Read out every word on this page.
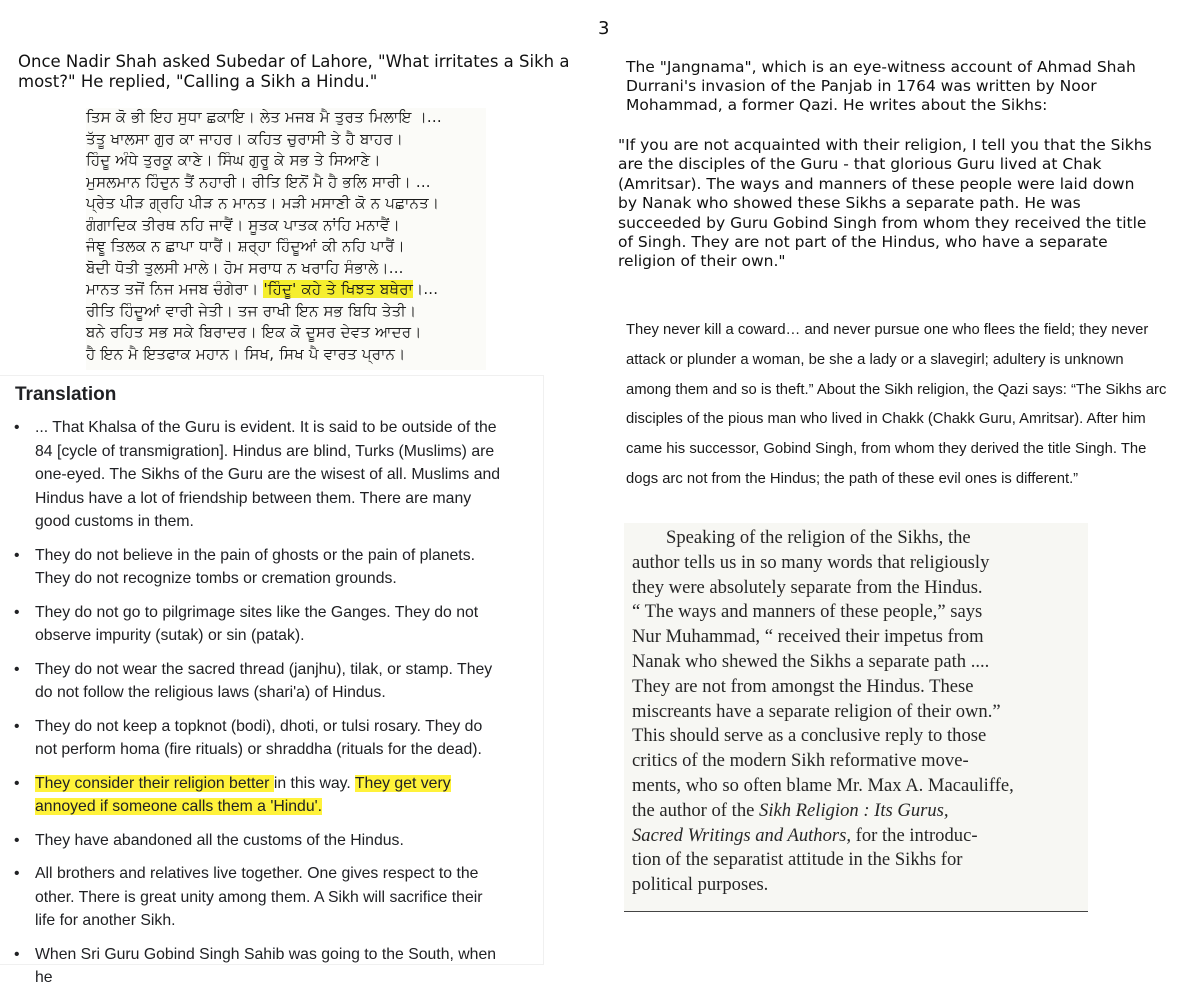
3
Once Nadir Shah asked Subedar of Lahore, "What irritates a Sikh a
most?" He replied, "Calling a Sikh a Hindu."
ਤਿਸ ਕੋ ਭੀ ਇਹ ਸੁਧਾ ਛਕਾਇ। ਲੇਤ ਮਜਬ ਮੈ ਤੁਰਤ ਮਿਲਾਇ ।...
ਤੱਤੂ ਖਾਲਸਾ ਗੁਰ ਕਾ ਜਾਹਰ। ਕਹਿਤ ਚੁਰਾਸੀ ਤੇ ਹੈ ਬਾਹਰ।
ਹਿੰਦੂ ਅੰਧੇ ਤੁਰਕੂ ਕਾਣੇ। ਸਿੰਘ ਗੁਰੂ ਕੇ ਸਭ ਤੇ ਸਿਆਣੇ।
ਮੁਸਲਮਾਨ ਹਿੰਦੁਨ ਤੈਂ ਨਹਾਰੀ। ਰੀਤਿ ਇਨੋਂ ਮੈ ਹੈ ਭਲਿ ਸਾਰੀ। ...
ਪ੍ਰੇਤ ਪੀੜ ਗ੍ਰਹਿ ਪੀੜ ਨ ਮਾਨਤ। ਮੜੀ ਮਸਾਣੀ ਕੋ ਨ ਪਛਾਨਤ।
ਗੰਗਾਦਿਕ ਤੀਰਥ ਨਹਿ ਜਾਵੈਂ। ਸੂਤਕ ਪਾਤਕ ਨਾਂਹਿ ਮਨਾਵੈਂ।
ਜੰਞੂ ਤਿਲਕ ਨ ਛਾਪਾ ਧਾਰੈਂ। ਸ਼ਰ੍ਹਾ ਹਿੰਦੂਆਂ ਕੀ ਨਹਿ ਪਾਰੈਂ।
ਬੋਦੀ ਧੋਤੀ ਤੁਲਸੀ ਮਾਲੇ। ਹੋਮ ਸਰਾਧ ਨ ਖਰਾਹਿ ਸੰਭਾਲੇ।...
ਮਾਨਤ ਤਜੋਂ ਨਿਜ ਮਜਬ ਚੰਗੇਰਾ। 'ਹਿੰਦੂ' ਕਹੇ ਤੇ ਖਿਝਤ ਬਥੇਰਾ।...
ਰੀਤਿ ਹਿੰਦੂਆਂ ਵਾਰੀ ਜੇਤੀ। ਤਜ ਰਾਖੀ ਇਨ ਸਭ ਬਿਧਿ ਤੇਤੀ।
ਬਨੇ ਰਹਿਤ ਸਭ ਸਕੇ ਬਿਰਾਦਰ। ਇਕ ਕੋ ਦੂਸਰ ਦੇਵਤ ਆਦਰ।
ਹੈ ਇਨ ਮੈ ਇਤਫਾਕ ਮਹਾਨ। ਸਿਖ, ਸਿਖ ਪੈ ਵਾਰਤ ਪ੍ਰਾਨ।
Translation
• ... That Khalsa of the Guru is evident. It is said to be outside of the 84 [cycle of transmigration]. Hindus are blind, Turks (Muslims) are one-eyed. The Sikhs of the Guru are the wisest of all. Muslims and Hindus have a lot of friendship between them. There are many good customs in them.
• They do not believe in the pain of ghosts or the pain of planets. They do not recognize tombs or cremation grounds.
• They do not go to pilgrimage sites like the Ganges. They do not observe impurity (sutak) or sin (patak).
• They do not wear the sacred thread (janjhu), tilak, or stamp. They do not follow the religious laws (shari'a) of Hindus.
• They do not keep a topknot (bodi), dhoti, or tulsi rosary. They do not perform homa (fire rituals) or shraddha (rituals for the dead).
• They consider their religion better in this way. They get very annoyed if someone calls them a 'Hindu'.
• They have abandoned all the customs of the Hindus.
• All brothers and relatives live together. One gives respect to the other. There is great unity among them. A Sikh will sacrifice their life for another Sikh.
• When Sri Guru Gobind Singh Sahib was going to the South, when he
The "Jangnama", which is an eye-witness account of Ahmad Shah
Durrani's invasion of the Panjab in 1764 was written by Noor
Mohammad, a former Qazi. He writes about the Sikhs:
"If you are not acquainted with their religion, I tell you that the Sikhs
are the disciples of the Guru - that glorious Guru lived at Chak
(Amritsar). The ways and manners of these people were laid down
by Nanak who showed these Sikhs a separate path. He was
succeeded by Guru Gobind Singh from whom they received the title
of Singh. They are not part of the Hindus, who have a separate
religion of their own."
They never kill a coward… and never pursue one who flees the field; they never
attack or plunder a woman, be she a lady or a slavegirl; adultery is unknown
among them and so is theft.” About the Sikh religion, the Qazi says: “The Sikhs arc
disciples of the pious man who lived in Chakk (Chakk Guru, Amritsar). After him
came his successor, Gobind Singh, from whom they derived the title Singh. The
dogs arc not from the Hindus; the path of these evil ones is different.”
Speaking of the religion of the Sikhs, the
author tells us in so many words that religiously
they were absolutely separate from the Hindus.
“ The ways and manners of these people,” says
Nur Muhammad, “ received their impetus from
Nanak who shewed the Sikhs a separate path ....
They are not from amongst the Hindus. These
miscreants have a separate religion of their own.”
This should serve as a conclusive reply to those
critics of the modern Sikh reformative move-
ments, who so often blame Mr. Max A. Macauliffe,
the author of the Sikh Religion : Its Gurus,
Sacred Writings and Authors, for the introduc-
tion of the separatist attitude in the Sikhs for
political purposes.
